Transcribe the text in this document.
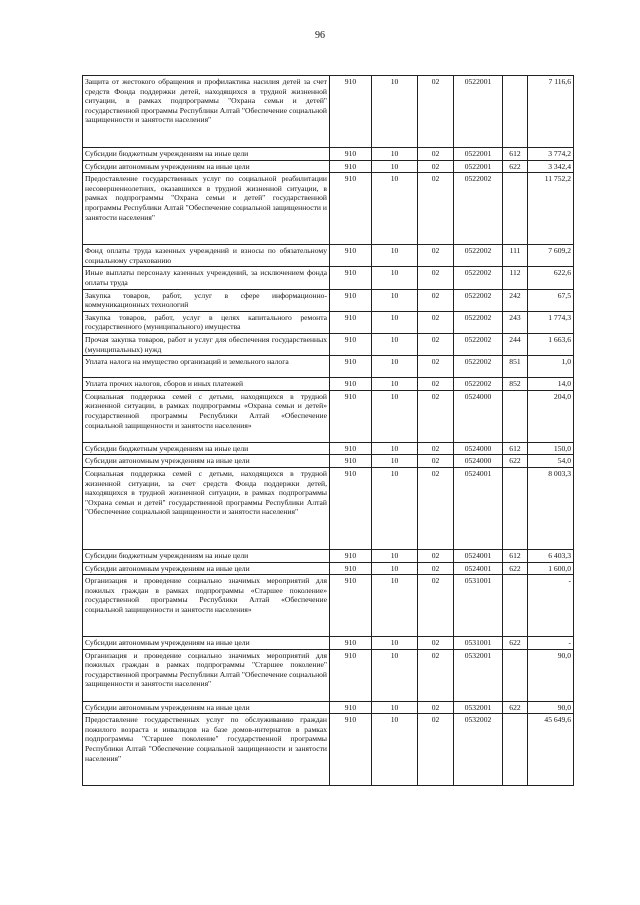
96
Защита от жестокого обращения и профилактика насилия детей за счет средств Фонда поддержки детей, находящихся в трудной жизненной ситуации, в рамках подпрограммы "Охрана семьи и детей" государственной программы Республики Алтай "Обеспечение социальной защищенности и занятости населения"	910	10	02	0522001		7 116,6
Субсидии бюджетным учреждениям на иные цели	910	10	02	0522001	612	3 774,2
Субсидии автономным учреждениям на иные цели	910	10	02	0522001	622	3 342,4
Предоставление государственных услуг по социальной реабилитации несовершеннолетних, оказавшихся в трудной жизненной ситуации, в рамках подпрограммы "Охрана семьи и детей" государственной программы Республики Алтай "Обеспечение социальной защищенности и занятости населения"	910	10	02	0522002		11 752,2
Фонд оплаты труда казенных учреждений и взносы по обязательному социальному страхованию	910	10	02	0522002	111	7 609,2
Иные выплаты персоналу казенных учреждений, за исключением фонда оплаты труда	910	10	02	0522002	112	622,6
Закупка товаров, работ, услуг в сфере информационно-коммуникационных технологий	910	10	02	0522002	242	67,5
Закупка товаров, работ, услуг в целях капитального ремонта государственного (муниципального) имущества	910	10	02	0522002	243	1 774,3
Прочая закупка товаров, работ и услуг для обеспечения государственных (муниципальных) нужд	910	10	02	0522002	244	1 663,6
Уплата налога на имущество организаций и земельного налога	910	10	02	0522002	851	1,0
Уплата прочих налогов, сборов и иных платежей	910	10	02	0522002	852	14,0
Социальная поддержка семей с детьми, находящихся в трудной жизненной ситуации, в рамках подпрограммы «Охрана семьи и детей» государственной программы Республики Алтай «Обеспечение социальной защищенности и занятости населения»	910	10	02	0524000		204,0
Субсидии бюджетным учреждениям на иные цели	910	10	02	0524000	612	150,0
Субсидии автономным учреждениям на иные цели	910	10	02	0524000	622	54,0
Социальная поддержка семей с детьми, находящихся в трудной жизненной ситуации, за счет средств Фонда поддержки детей, находящихся в трудной жизненной ситуации, в рамках подпрограммы "Охрана семьи и детей" государственной программы Республики Алтай "Обеспечение социальной защищенности и занятости населения"	910	10	02	0524001		8 003,3
Субсидии бюджетным учреждениям на иные цели	910	10	02	0524001	612	6 403,3
Субсидии автономным учреждениям на иные цели	910	10	02	0524001	622	1 600,0
Организация и проведение социально значимых мероприятий для пожилых граждан в рамках подпрограммы «Старшее поколение» государственной программы Республики Алтай «Обеспечение социальной защищенности и занятости населения»	910	10	02	0531001		-
Субсидии автономным учреждениям на иные цели	910	10	02	0531001	622	-
Организация и проведение социально значимых мероприятий для пожилых граждан в рамках подпрограммы "Старшее поколение" государственной программы Республики Алтай "Обеспечение социальной защищенности и занятости населения"	910	10	02	0532001		90,0
Субсидии автономным учреждениям на иные цели	910	10	02	0532001	622	90,0
Предоставление государственных услуг по обслуживанию граждан пожилого возраста и инвалидов на базе домов-интернатов в рамках подпрограммы "Старшее поколение" государственной программы Республики Алтай "Обеспечение социальной защищенности и занятости населения"	910	10	02	0532002		45 649,6
